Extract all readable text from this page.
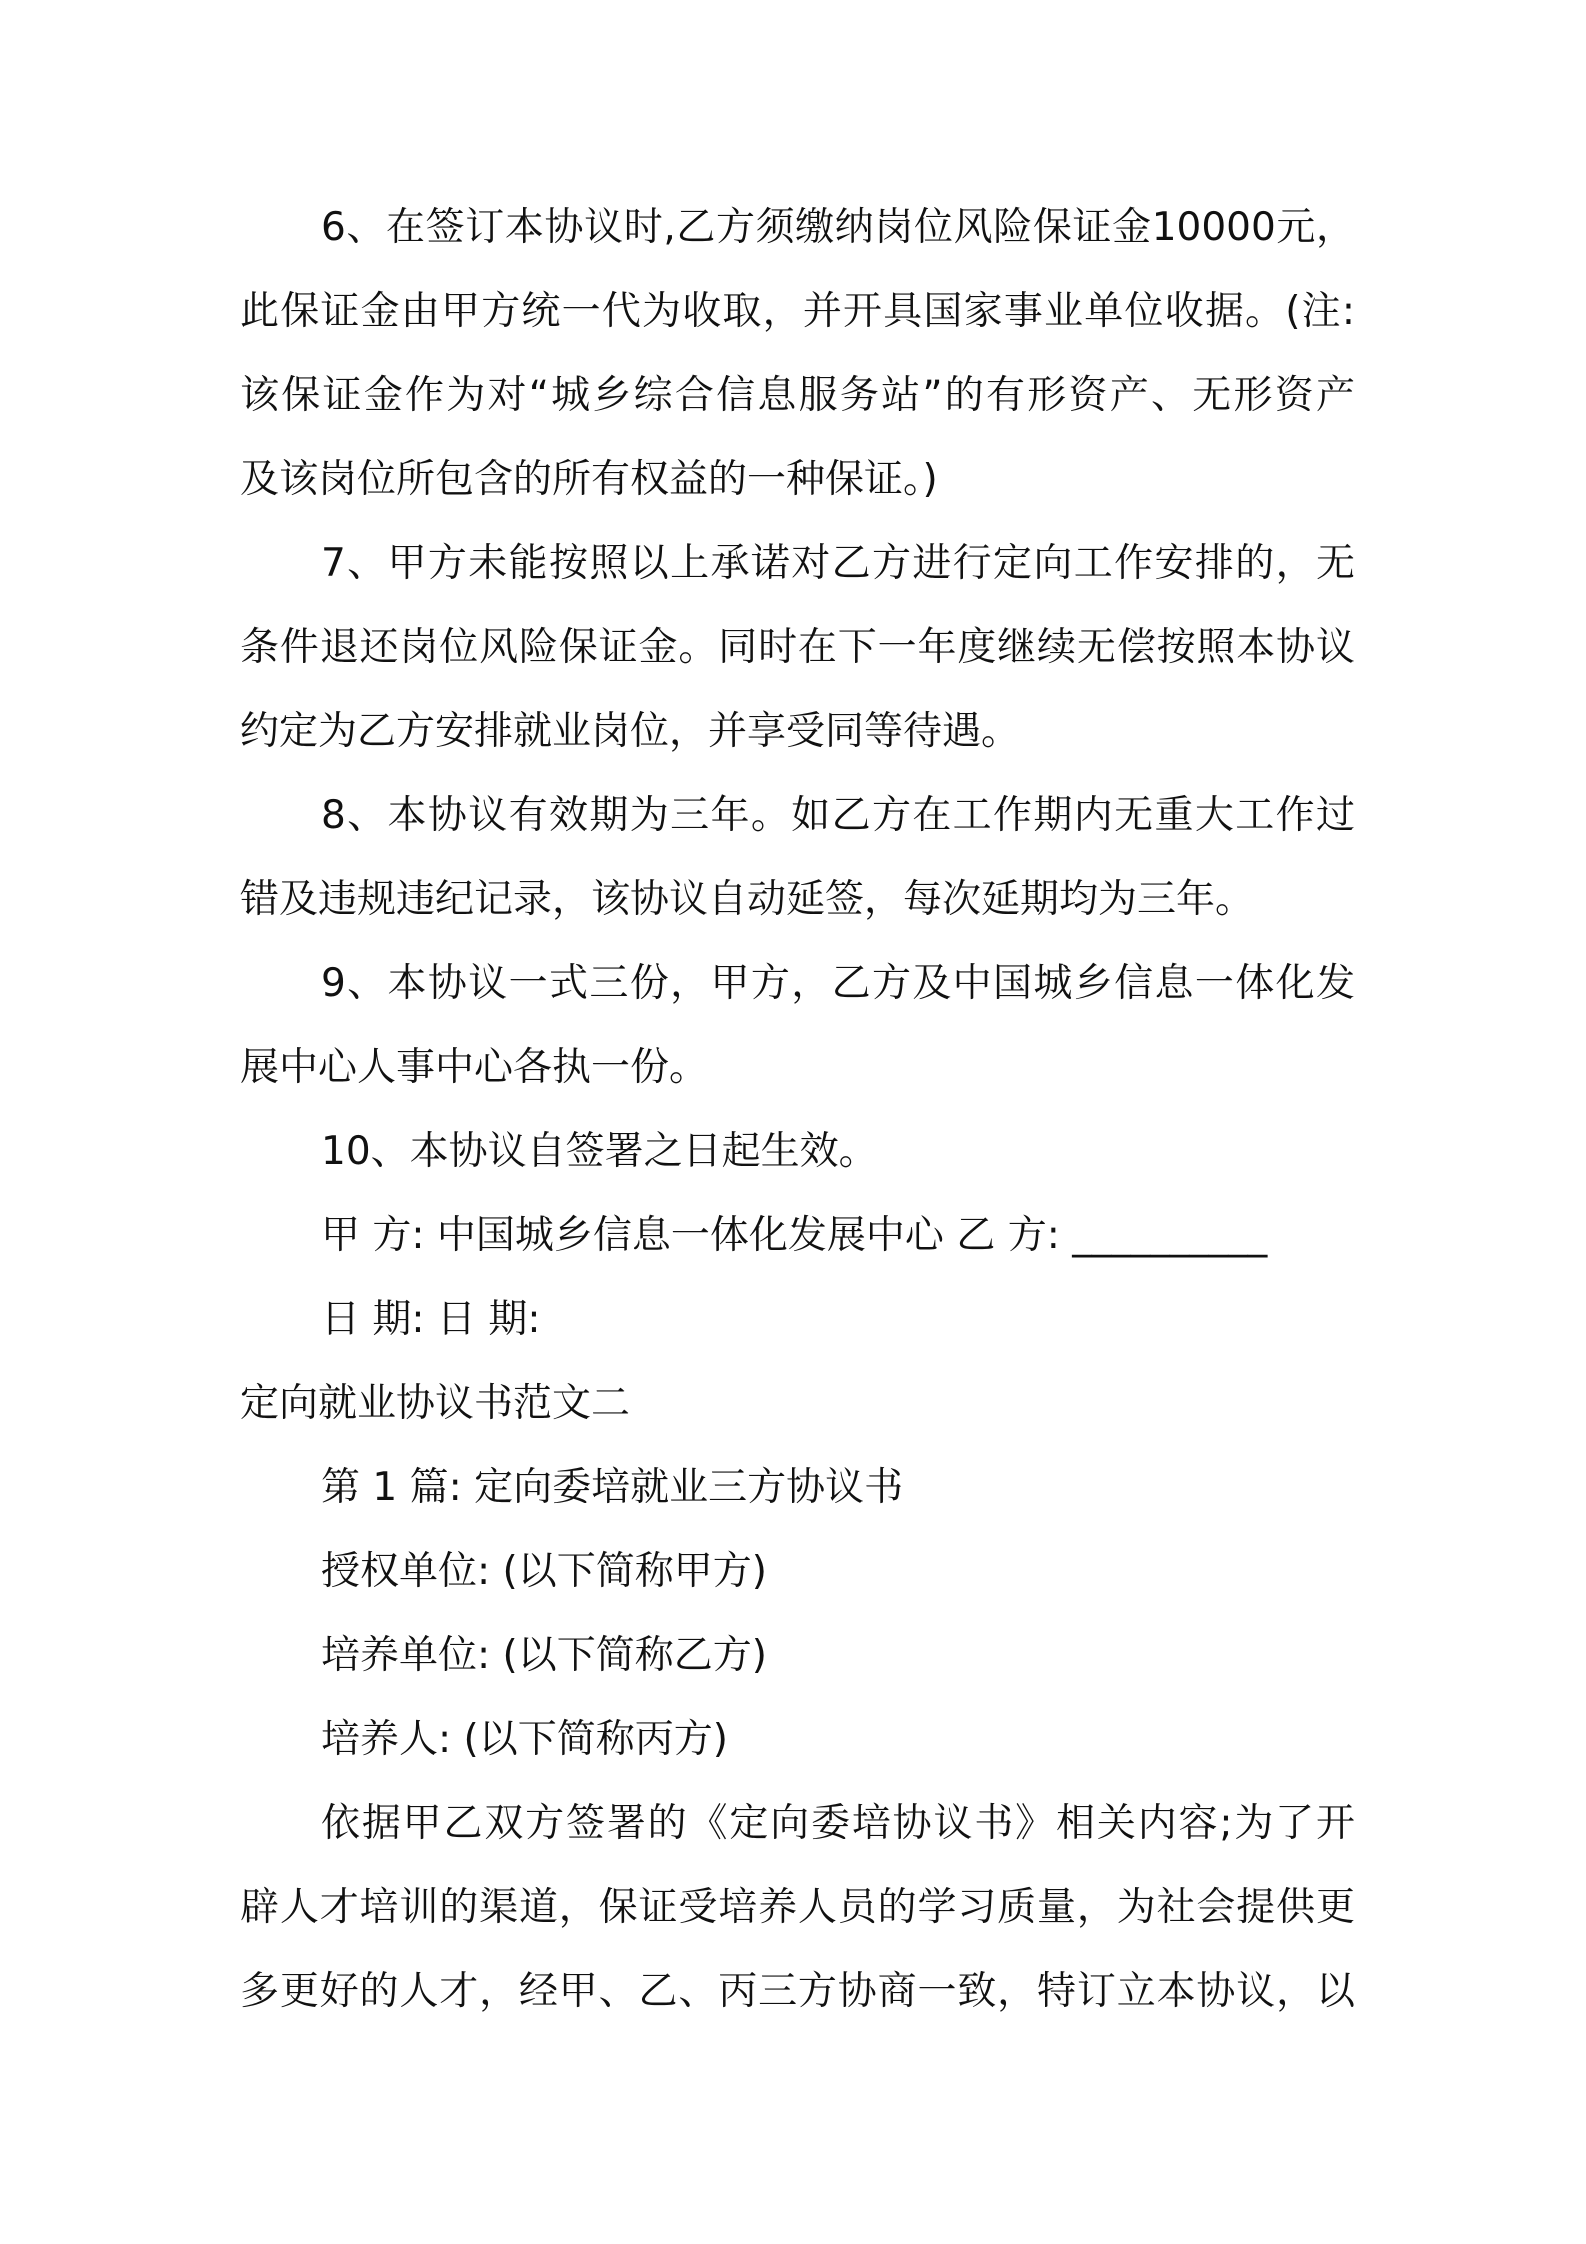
6、在签订本协议时,乙方须缴纳岗位风险保证金10000元，
此保证金由甲方统一代为收取，并开具国家事业单位收据。(注:
该保证金作为对“城乡综合信息服务站”的有形资产、无形资产
及该岗位所包含的所有权益的一种保证。)
7、甲方未能按照以上承诺对乙方进行定向工作安排的，无
条件退还岗位风险保证金。同时在下一年度继续无偿按照本协议
约定为乙方安排就业岗位，并享受同等待遇。
8、本协议有效期为三年。如乙方在工作期内无重大工作过
错及违规违纪记录，该协议自动延签，每次延期均为三年。
9、本协议一式三份，甲方，乙方及中国城乡信息一体化发
展中心人事中心各执一份。
10、本协议自签署之日起生效。
甲 方: 中国城乡信息一体化发展中心 乙 方: __________
日 期: 日 期:
定向就业协议书范文二
第 1 篇: 定向委培就业三方协议书
授权单位: (以下简称甲方)
培养单位: (以下简称乙方)
培养人: (以下简称丙方)
依据甲乙双方签署的《定向委培协议书》相关内容;为了开
辟人才培训的渠道，保证受培养人员的学习质量，为社会提供更
多更好的人才，经甲、乙、丙三方协商一致，特订立本协议，以
